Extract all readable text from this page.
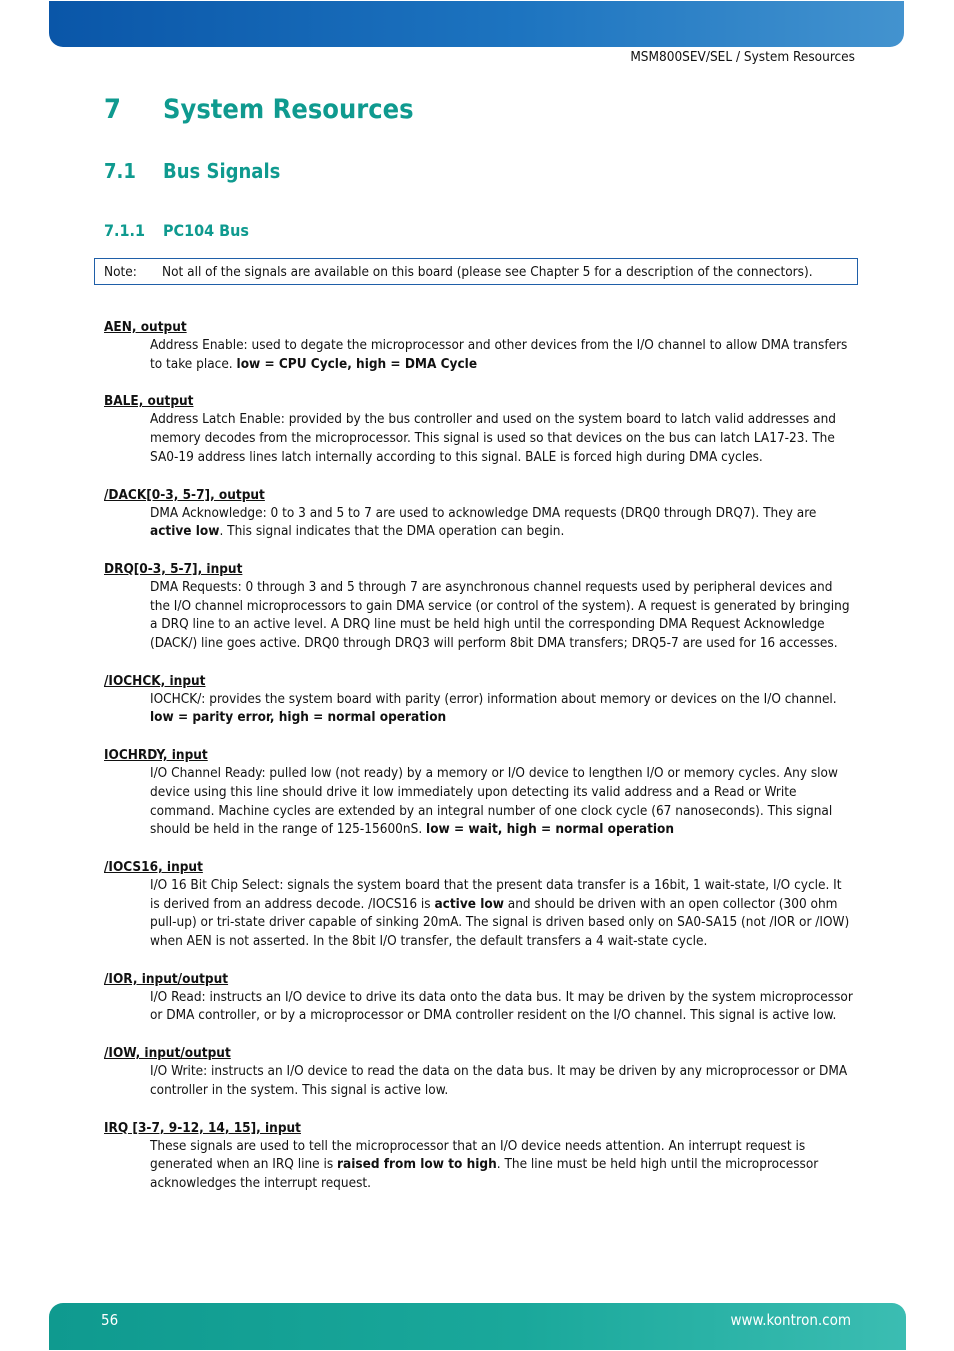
MSM800SEV/SEL / System Resources
7 System Resources
7.1 Bus Signals
7.1.1 PC104 Bus
Note: Not all of the signals are available on this board (please see Chapter 5 for a description of the connectors).
AEN, output
Address Enable: used to degate the microprocessor and other devices from the I/O channel to allow DMA transfers to take place. low = CPU Cycle, high = DMA Cycle
BALE, output
Address Latch Enable: provided by the bus controller and used on the system board to latch valid addresses and memory decodes from the microprocessor. This signal is used so that devices on the bus can latch LA17-23. The SA0-19 address lines latch internally according to this signal. BALE is forced high during DMA cycles.
/DACK[0-3, 5-7], output
DMA Acknowledge: 0 to 3 and 5 to 7 are used to acknowledge DMA requests (DRQ0 through DRQ7). They are active low. This signal indicates that the DMA operation can begin.
DRQ[0-3, 5-7], input
DMA Requests: 0 through 3 and 5 through 7 are asynchronous channel requests used by peripheral devices and the I/O channel microprocessors to gain DMA service (or control of the system). A request is generated by bringing a DRQ line to an active level. A DRQ line must be held high until the corresponding DMA Request Acknowledge (DACK/) line goes active. DRQ0 through DRQ3 will perform 8bit DMA transfers; DRQ5-7 are used for 16 accesses.
/IOCHCK, input
IOCHCK/: provides the system board with parity (error) information about memory or devices on the I/O channel. low = parity error, high = normal operation
IOCHRDY, input
I/O Channel Ready: pulled low (not ready) by a memory or I/O device to lengthen I/O or memory cycles. Any slow device using this line should drive it low immediately upon detecting its valid address and a Read or Write command. Machine cycles are extended by an integral number of one clock cycle (67 nanoseconds). This signal should be held in the range of 125-15600nS. low = wait, high = normal operation
/IOCS16, input
I/O 16 Bit Chip Select: signals the system board that the present data transfer is a 16bit, 1 wait-state, I/O cycle. It is derived from an address decode. /IOCS16 is active low and should be driven with an open collector (300 ohm pull-up) or tri-state driver capable of sinking 20mA. The signal is driven based only on SA0-SA15 (not /IOR or /IOW) when AEN is not asserted. In the 8bit I/O transfer, the default transfers a 4 wait-state cycle.
/IOR, input/output
I/O Read: instructs an I/O device to drive its data onto the data bus. It may be driven by the system microprocessor or DMA controller, or by a microprocessor or DMA controller resident on the I/O channel. This signal is active low.
/IOW, input/output
I/O Write: instructs an I/O device to read the data on the data bus. It may be driven by any microprocessor or DMA controller in the system. This signal is active low.
IRQ [3-7, 9-12, 14, 15], input
These signals are used to tell the microprocessor that an I/O device needs attention. An interrupt request is generated when an IRQ line is raised from low to high. The line must be held high until the microprocessor acknowledges the interrupt request.
56	www.kontron.com
